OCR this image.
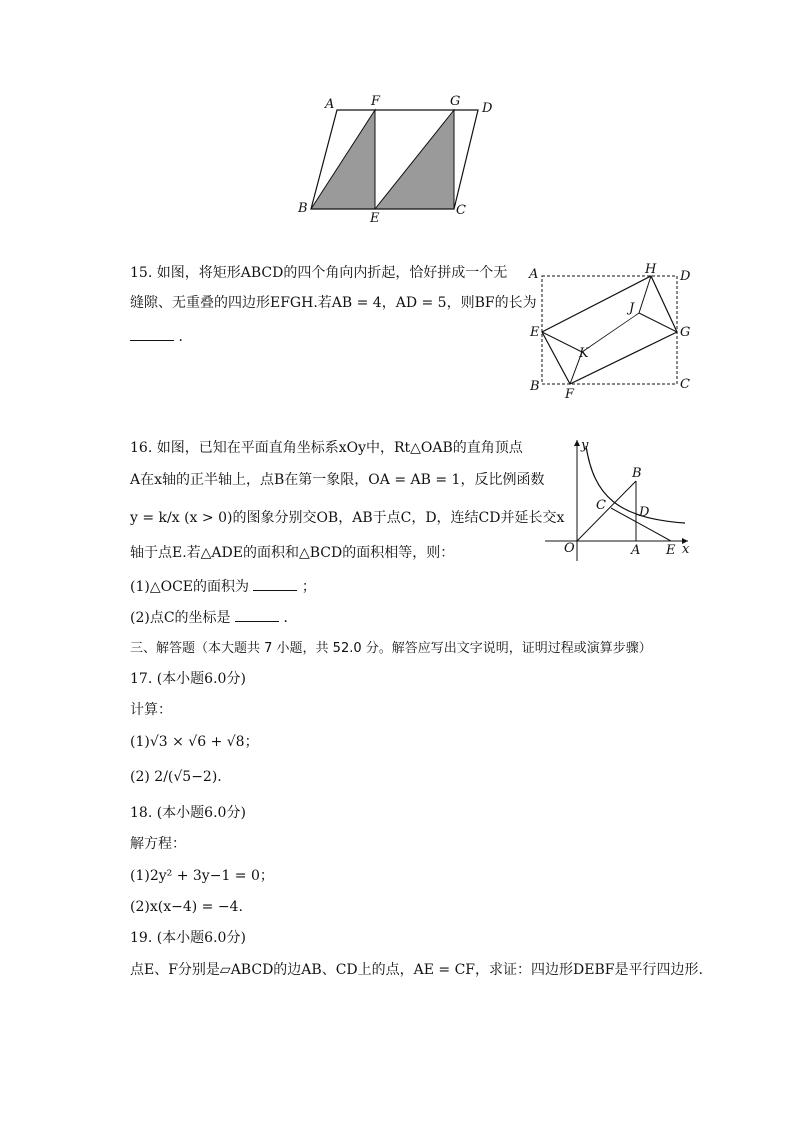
A	F	G D
B
E
C
15. 如图，将矩形ABCD的四个角向内折起，恰好拼成一个无
缝隙、无重叠的四边形EFGH.若AB = 4，AD = 5，则BF的长为
．
A	H D
J
E	G
K
B
F
C
16. 如图，已知在平面直角坐标系xOy中，Rt△OAB的直角顶点
A在x轴的正半轴上，点B在第一象限，OA = AB = 1，反比例函数
y = k/x (x > 0)的图象分别交OB，AB于点C，D，连结CD并延长交x
轴于点E.若△ADE的面积和△BCD的面积相等，则：
(1)△OCE的面积为	；
(2)点C的坐标是	．
y
B
C	D
O	A E x
三、解答题（本大题共 7 小题，共 52.0 分。解答应写出文字说明，证明过程或演算步骤）
17. (本小题6.0分)
计算：
(1)√3 × √6 + √8；
(2) 2/(√5−2).
18. (本小题6.0分)
解方程：
(1)2y² + 3y−1 = 0；
(2)x(x−4) = −4.
19. (本小题6.0分)
点E、F分别是▱ABCD的边AB、CD上的点，AE = CF，求证：四边形DEBF是平行四边形.
